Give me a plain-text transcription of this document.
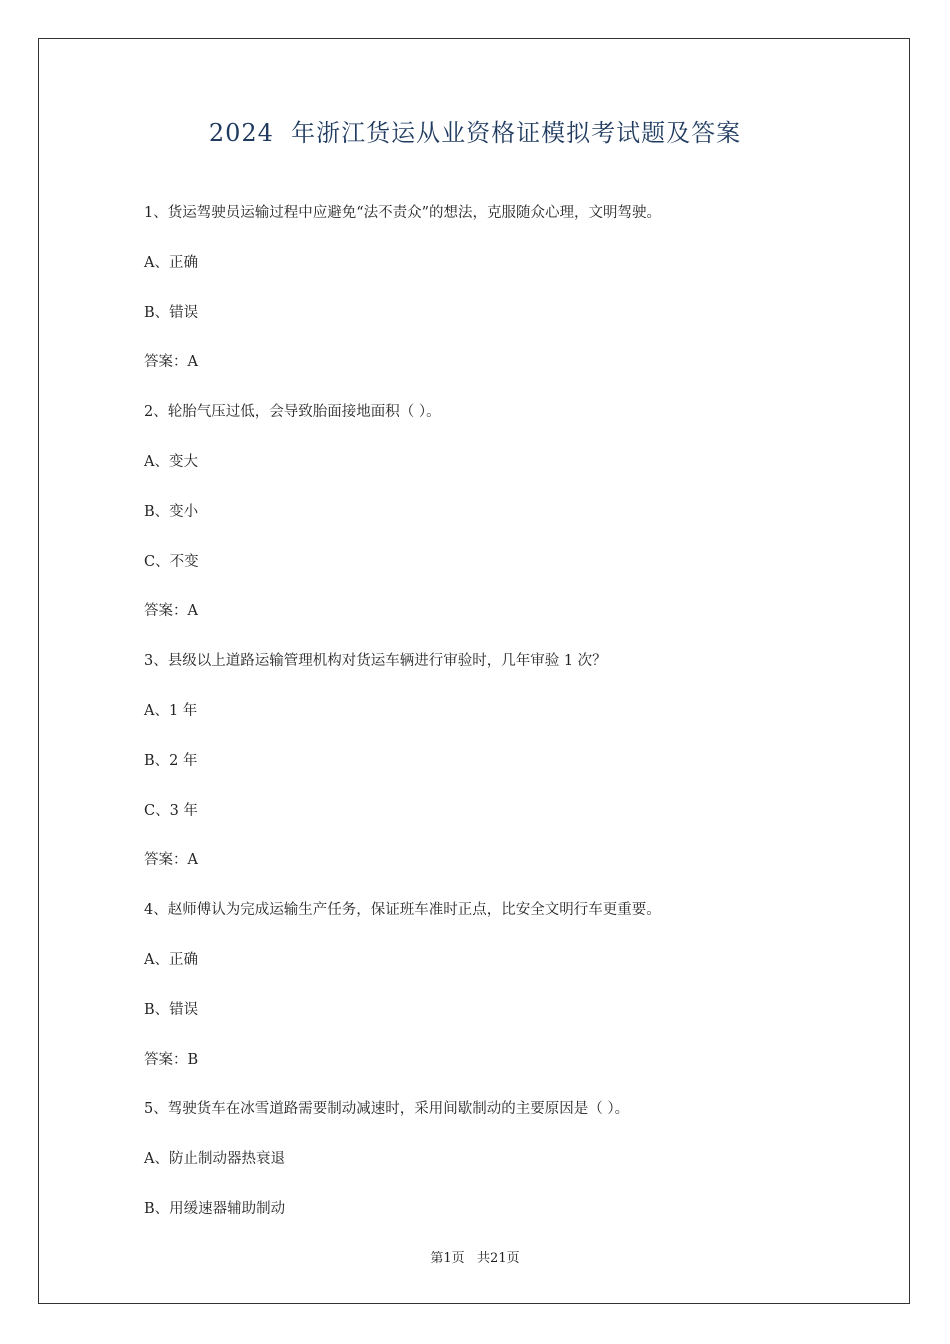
2024  年浙江货运从业资格证模拟考试题及答案
1、货运驾驶员运输过程中应避免“法不责众”的想法，克服随众心理，文明驾驶。
A、正确
B、错误
答案：A
2、轮胎气压过低，会导致胎面接地面积（ ）。
A、变大
B、变小
C、不变
答案：A
3、县级以上道路运输管理机构对货运车辆进行审验时，几年审验 1 次？
A、1 年
B、2 年
C、3 年
答案：A
4、赵师傅认为完成运输生产任务，保证班车准时正点，比安全文明行车更重要。
A、正确
B、错误
答案：B
5、驾驶货车在冰雪道路需要制动减速时，采用间歇制动的主要原因是（ ）。
A、防止制动器热衰退
B、用缓速器辅助制动
第1页   共21页
